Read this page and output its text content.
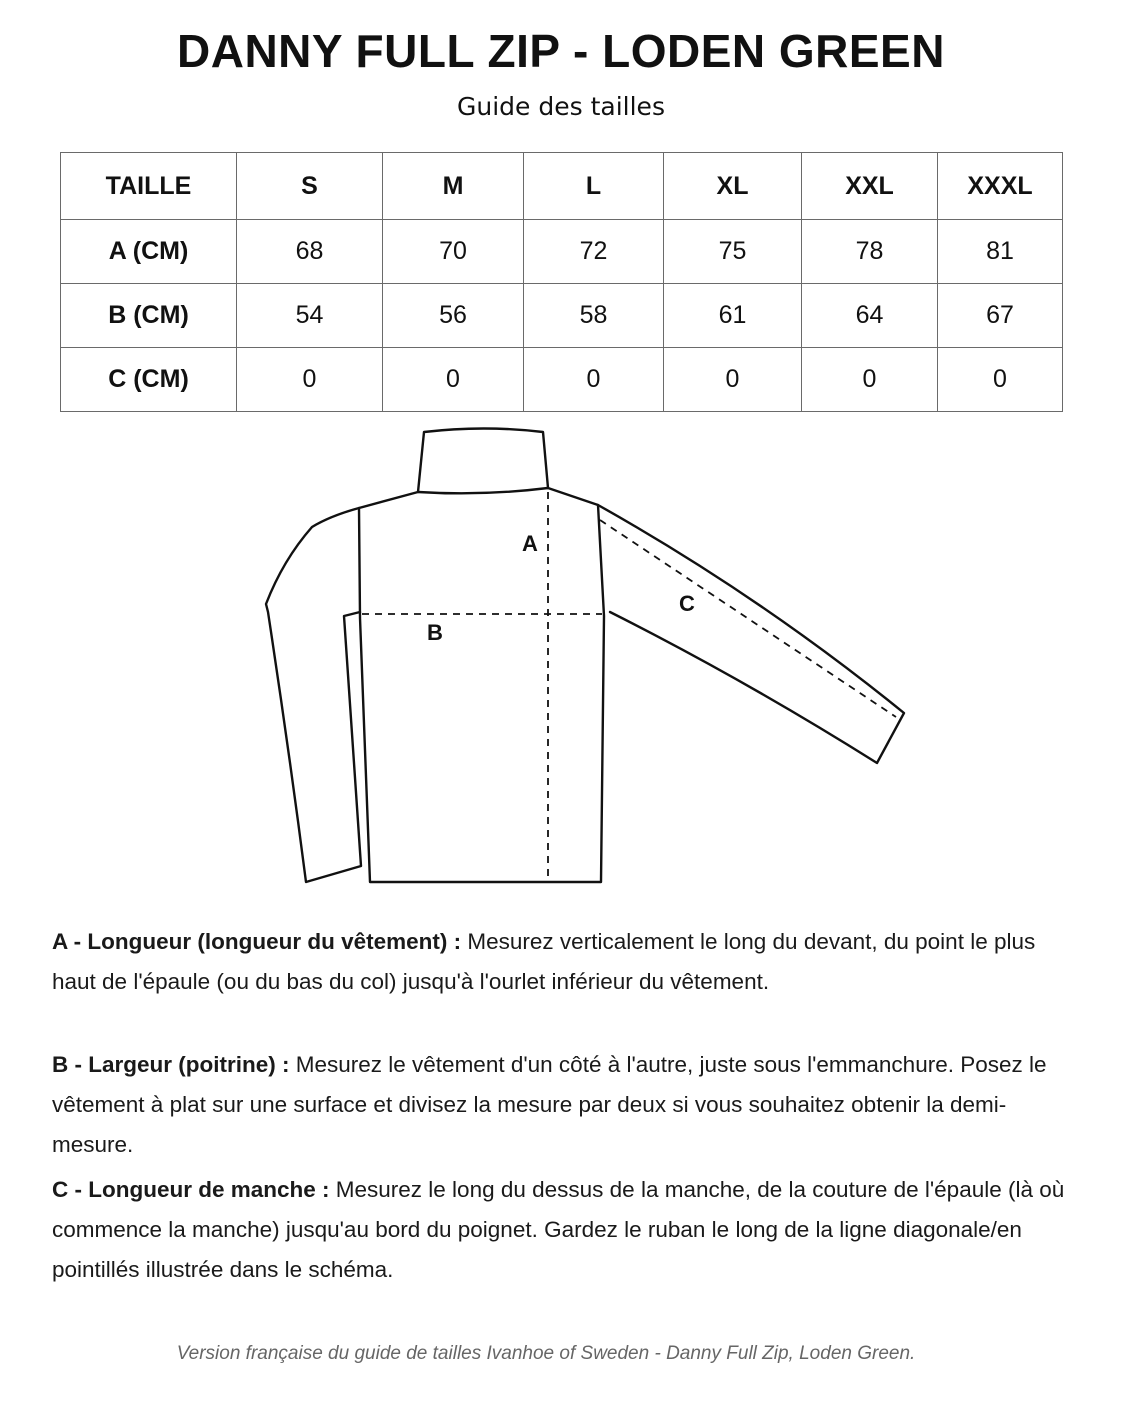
DANNY FULL ZIP - LODEN GREEN
Guide des tailles
TAILLE	S	M	L	XL	XXL	XXXL
A (CM)	68	70	72	75	78	81
B (CM)	54	56	58	61	64	67
C (CM)	0	0	0	0	0	0
A
B
C
A - Longueur (longueur du vêtement) : Mesurez verticalement le long du devant, du point le plus haut de l'épaule (ou du bas du col) jusqu'à l'ourlet inférieur du vêtement.
B - Largeur (poitrine) : Mesurez le vêtement d'un côté à l'autre, juste sous l'emmanchure. Posez le vêtement à plat sur une surface et divisez la mesure par deux si vous souhaitez obtenir la demi-mesure.
C - Longueur de manche : Mesurez le long du dessus de la manche, de la couture de l'épaule (là où commence la manche) jusqu'au bord du poignet. Gardez le ruban le long de la ligne diagonale/en pointillés illustrée dans le schéma.
Version française du guide de tailles Ivanhoe of Sweden - Danny Full Zip, Loden Green.
